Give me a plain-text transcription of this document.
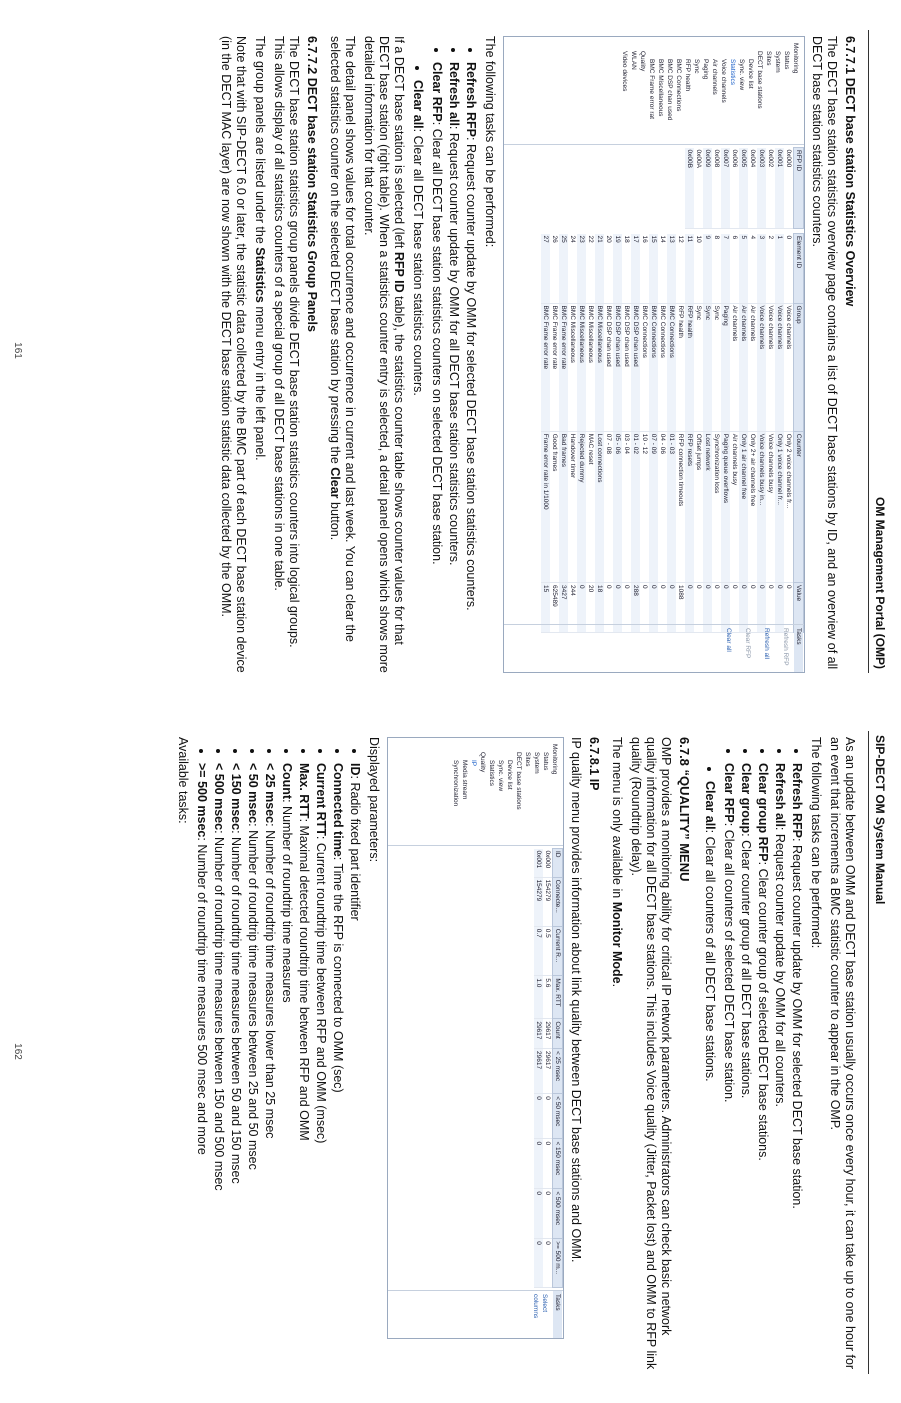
OM Management Portal (OMP)
6.7.7.1 DECT base station Statistics Overview

The DECT base station statistics overview page contains a list of DECT base stations by ID, and an overview of all DECT base station statistics counters.

Monitoring
Status
System
Sites
DECT base stations
Device list
Sync. view
Statistics
Voice channels
Air channels
Paging
Sync
RFP health
BMC Connections
BMC DSP chan used
BMC Miscellaneous
BMC Frame error rat
Quality
WLAN
Video devices
RFP ID
0x000
0x001
0x002
0x003
0x004
0x005
0x006
0x007
0x008
0x009
0x00A
0x00B
Element ID	Group	Counter	Value
0	Voice channels	Only 2 voice channels fr...	0
1	Voice channels	Only 1 voice channel fr...	0
2	Voice channels	Voice channels busy	0
3	Voice channels	Voice channels busy in...	0
4	Air channels	Only 2+ air channels free	0
5	Air channels	Only 1 air channel free	0
6	Air channels	Air channels busy	0
7	Paging	Paging queue overflows	0
8	Sync	Synchronization loss	0
9	Sync	Lost network	0
10	Sync	Offset jumps	0
11	RFP health	RFP resets	0
12	RFP health	RFP connection timeouts	1088
13	BMC Connections	01 - 03	0
14	BMC Connections	04 - 06	0
15	BMC Connections	07 - 09	0
16	BMC Connections	10 - 12	0
17	BMC DSP chan used	01 - 02	288
18	BMC DSP chan used	03 - 04	0
19	BMC DSP chan used	05 - 06	0
20	BMC DSP chan used	07 - 08	0
21	BMC Miscellaneous	Lost connections	18
22	BMC Miscellaneous	MAC reset	20
23	BMC Miscellaneous	Rejected dummy	0
24	BMC Miscellaneous	Handover timer	244
25	BMC Frame error rate	Bad frames	3427
26	BMC Frame error rate	Good frames	625489
27	BMC Frame error rate	Frame error rate in 1/1000	15
Tasks
Refresh RFP
Refresh all
Clear RFP
Clear all

The following tasks can be performed:

• Refresh RFP: Request counter update by OMM for selected DECT base station statistics counters.
• Refresh all: Request counter update by OMM for all DECT base station statistics counters.
• Clear RFP: Clear all DECT base station statistics counters on selected DECT base station.
• Clear all: Clear all DECT base station statistics counters.

If a DECT base station is selected (left RFP ID table), the statistics counter table shows counter values for that DECT base station (right table). When a statistics counter entry is selected, a detail panel opens which shows more detailed information for that counter.

The detail panel shows values for total occurrence and occurrence in current and last week. You can clear the selected statistics counter on the selected DECT base station by pressing the Clear button.

6.7.7.2 DECT base station Statistics Group Panels

The DECT base station statistics group panels divide DECT base station statistics counters into logical groups. This allows display of all statistics counters of a special group of all DECT base stations in one table.

The group panels are listed under the Statistics menu entry in the left panel.

Note that with SIP-DECT 6.0 or later, the statistic data collected by the BMC part of each DECT base station device (in the DECT MAC layer) are now shown with the DECT base station statistic data collected by the OMM.

161
SIP-DECT OM System Manual

As an update between OMM and DECT base station usually occurs once every hour, it can take up to one hour for an event that increments a BMC statistic counter to appear in the OMP.

The following tasks can be performed:

• Refresh RFP: Request counter update by OMM for selected DECT base station.
• Refresh all: Request counter update by OMM for all counters.
• Clear group RFP: Clear counter group of selected DECT base stations.
• Clear group: Clear counter group of all DECT base stations.
• Clear RFP: Clear all counters of selected DECT base station.
• Clear all: Clear all counters of all DECT base stations.
6.7.8 “QUALITY” MENU

OMP provides a monitoring ability for critical IP network parameters. Administrators can check basic network quality information for all DECT base stations. This includes Voice quality (Jitter, Packet lost) and OMM to RFP link quality (Roundtrip delay).

The menu is only available in Monitor Mode.

6.7.8.1 IP

IP quality menu provides information about link quality between DECT base stations and OMM.

Monitoring
Status
System
Sites
DECT base stations
Device list
Sync. view
Statistics
Quality
IP
Media stream
Synchronization
ID	Connecte...	Current R...	Max. RTT	Count	< 25 msec	< 50 msec	< 150 msec	< 500 msec	>= 500 m...
0x000	154279	0.5	5.6	29617	29617	0	0	0	0
0x001	154279	0.7	1.0	29617	29617	0	0	0	0
Tasks
Select columns

Displayed parameters:

• ID: Radio fixed part identifier
• Connected time: Time the RFP is connected to OMM (sec)
• Current RTT: Current roundtrip time between RFP and OMM (msec)
• Max. RTT: Maximal detected roundtrip time between RFP and OMM
• Count: Number of roundtrip time measures
• < 25 msec: Number of roundtrip time measures lower than 25 msec
• < 50 msec: Number of roundtrip time measures between 25 and 50 msec
• < 150 msec: Number of roundtrip time measures between 50 and 150 msec
• < 500 msec: Number of roundtrip time measures between 150 and 500 msec
• >= 500 msec: Number of roundtrip time measures 500 msec and more

Available tasks:

162
